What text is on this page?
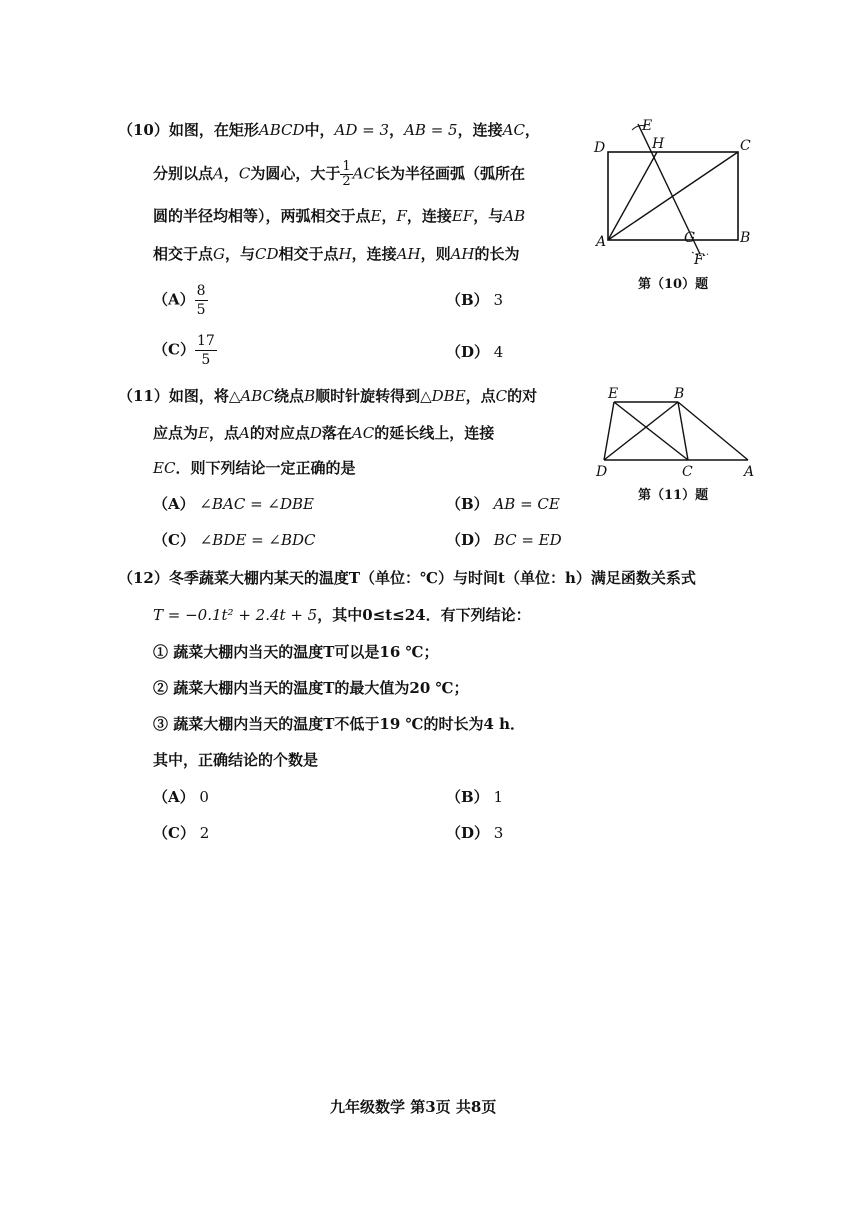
（10）如图，在矩形ABCD中，AD = 3，AB = 5，连接AC，
分别以点A，C为圆心，大于 $\frac{1}{2}$ AC长为半径画弧（弧所在
圆的半径均相等），两弧相交于点E，F，连接EF，与AB
相交于点G，与CD相交于点H，连接AH，则AH的长为
$(A) \frac{8}{5}$	（B） 3
$(C) \frac{17}{5}$	（D） 4
E
D	H	C
A	G	B
F
第（10）题
（11）如图，将△ABC绕点B顺时针旋转得到△DBE，点C的对
应点为E，点A的对应点D落在AC的延长线上，连接
EC．则下列结论一定正确的是
（A） ∠BAC = ∠DBE	（B） AB = CE
（C） ∠BDE = ∠BDC	（D） BC = ED
E	B
D	C	A
第（11）题
（12）冬季蔬菜大棚内某天的温度T（单位：℃）与时间t（单位：h）满足函数关系式
T = −0.1t² + 2.4t + 5，其中0≤t≤24．有下列结论：
① 蔬菜大棚内当天的温度T可以是16 ℃；
② 蔬菜大棚内当天的温度T的最大值为20 ℃；
③ 蔬菜大棚内当天的温度T不低于19 ℃的时长为4 h．
其中，正确结论的个数是
（A） 0	（B） 1
（C） 2	（D） 3
九年级数学 第3页 共8页
